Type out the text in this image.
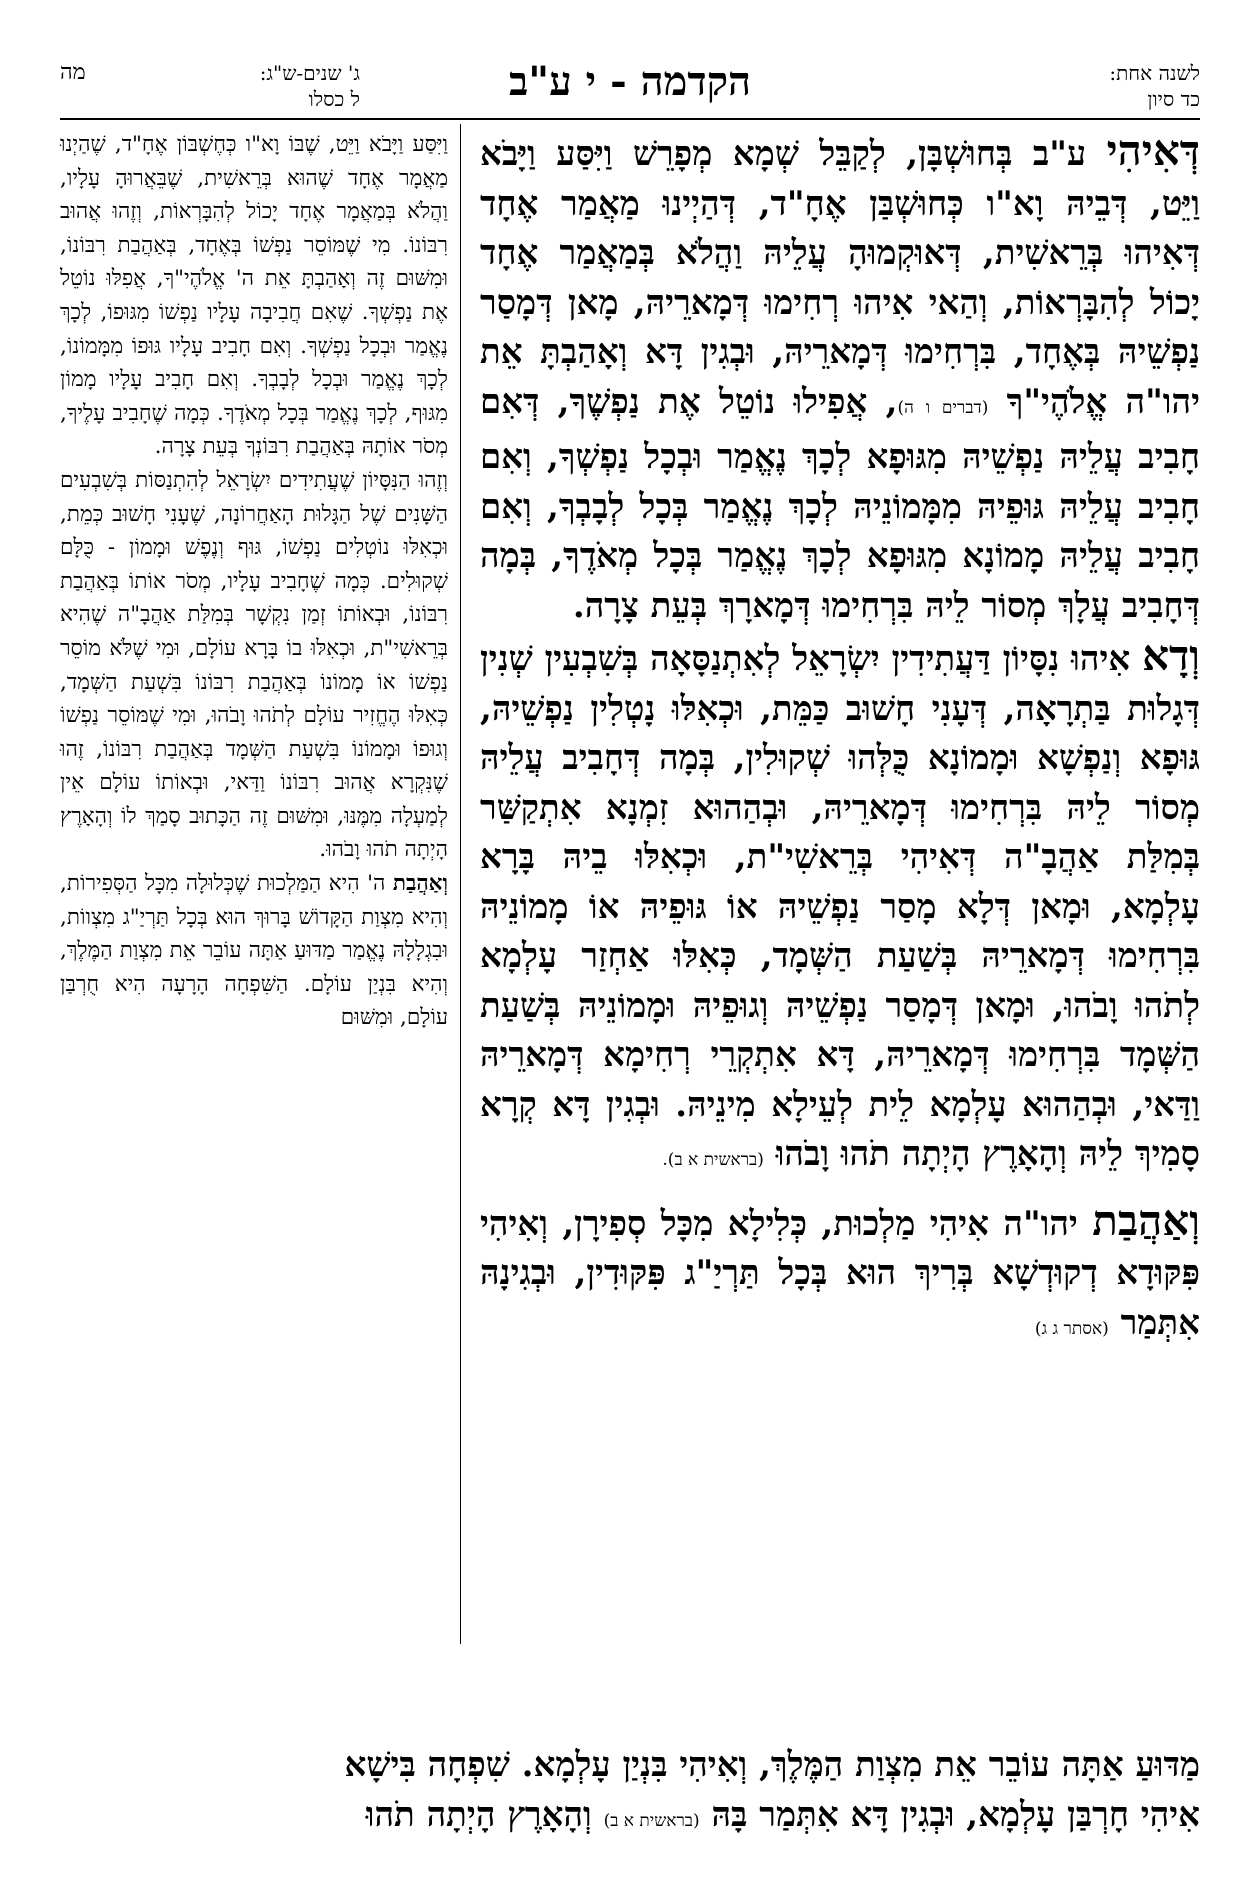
לשנה אחת:
כד סיון
הקדמה - י ע"ב
ג' שנים-ש"ג:
מה
ל כסלו

דְּאִיהִי ע"ב בְּחוּשְׁבָּן, לְקַבֵּל שְׁמָא מְפָרֵשׁ וַיִּסַּע וַיָּבֹא וַיֵּט, דְּבֵיהּ וָא"ו כְּחוּשְׁבַּן אֶחָ"ד, דְּהַיְינוּ מַאֲמַר אֶחָד דְּאִיהוּ בְּרֵאשִׁית, דְּאוּקְמוּהָ עֲלֵיהּ וַהֲלֹא בְּמַאֲמַר אֶחָד יָכוֹל לְהִבָּרְאוֹת, וְהַאי אִיהוּ רְחִימוּ דְּמָארֵיהּ, מָאן דְּמָסַר נַפְשֵׁיהּ בְּאֶחָד, בִּרְחִימוּ דְּמָארֵיהּ, וּבְגִין דָּא וְאָהַבְתָּ אֵת יהו"ה אֱלֹהֶי"ךָ (דברים ו ה), אֲפִילוּ נוֹטֵל אֶת נַפְשֶׁךָ, דְּאִם חָבִיב עֲלֵיהּ נַפְשֵׁיהּ מִגּוּפָא לְכָךְ נֶאֱמַר וּבְכָל נַפְשְׁךָ, וְאִם חָבִיב עֲלֵיהּ גּוּפֵיהּ מִמָּמוֹנֵיהּ לְכָךְ נֶאֱמַר בְּכָל לְבָבְךָ, וְאִם חָבִיב עֲלֵיהּ מָמוֹנָא מִגּוּפָא לְכָךְ נֶאֱמַר בְּכָל מְאֹדֶךָ, בְּמָה דְּחָבִיב עֲלָךְ מְסוֹר לֵיהּ בִּרְחִימוּ דְּמָארָךְ בְּעֵת צָרָה.

וְדָא אִיהוּ נִסָּיוֹן דַּעֲתִידִין יִשְׂרָאֵל לְאִתְנַסָּאָה בְּשִׁבְעִין שְׁנִין דְּגָלוּת בַּתְרָאָה, דְּעָנִי חָשׁוּב כַּמֵּת, וּכְאִלּוּ נָטְלִין נַפְשֵׁיהּ, גּוּפָא וְנַפְשָׁא וּמָמוֹנָא כֻּלְּהוּ שְׁקוּלִין, בְּמָה דְּחָבִיב עֲלֵיהּ מְסוֹר לֵיהּ בִּרְחִימוּ דְּמָארֵיהּ, וּבְהַהוּא זִמְנָא אִתְקַשַּׁר בְּמִלַּת אַהֲבָ"ה דְּאִיהִי בְּרֵאשִׁי"ת, וּכְאִלּוּ בֵיהּ בָּרָא עָלְמָא, וּמָאן דְּלָא מָסַר נַפְשֵׁיהּ אוֹ גּוּפֵיהּ אוֹ מָמוֹנֵיהּ בִּרְחִימוּ דְּמָארֵיהּ בְּשַׁעַת הַשְּׁמָד, כְּאִלּוּ אַחְזַר עָלְמָא לְתֹהוּ וָבֹהוּ, וּמָאן דְּמָסַר נַפְשֵׁיהּ וְגוּפֵיהּ וּמָמוֹנֵיהּ בְּשַׁעַת הַשְּׁמָד בִּרְחִימוּ דְּמָארֵיהּ, דָּא אִתְקְרֵי רְחִימָא דְּמָארֵיהּ וַדַּאי, וּבְהַהוּא עָלְמָא לֵית לְעֵילָא מִינֵיהּ. וּבְגִין דָּא קְרָא סָמִיךְ לֵיהּ וְהָאָרֶץ הָיְתָה תֹהוּ וָבֹהוּ (בראשית א ב).

וְאַהֲבַת יהו"ה אִיהִי מַלְכוּת, כְּלִילָא מִכָּל סְפִירָן, וְאִיהִי פִּקּוּדָא דְקוּדְשָׁא בְּרִיךְ הוּא בְּכָל תַּרְיַ"ג פִּקּוּדִין, וּבְגִינָהּ אִתְּמַר (אסתר ג ג)

וַיִּסַּע וַיָּבֹא וַיֵּט, שֶׁבּוֹ וָא"ו כְּחֶשְׁבּוֹן אֶחָ"ד, שֶׁהַיְנוּ מַאֲמָר אֶחָד שֶׁהוּא בְּרֵאשִׁית, שֶׁבֵּאֲרוּהָ עָלָיו, וַהֲלֹא בְּמַאֲמָר אֶחָד יָכוֹל לְהִבָּרְאוֹת, וְזֶהוּ אֲהוּב רִבּוֹנוֹ. מִי שֶׁמּוֹסֵר נַפְשׁוֹ בְּאֶחָד, בְּאַהֲבַת רִבּוֹנוֹ, וּמִשּׁוּם זֶה וְאָהַבְתָּ אֵת ה' אֱלֹהֶי"ךָ, אֲפִלּוּ נוֹטֵל אֶת נַפְשְׁךָ. שֶׁאִם חֲבִיבָה עָלָיו נַפְשׁוֹ מִגּוּפוֹ, לְכָךְ נֶאֱמַר וּבְכָל נַפְשְׁךָ. וְאִם חָבִיב עָלָיו גּוּפוֹ מִמָּמוֹנוֹ, לְכָךְ נֶאֱמַר וּבְכָל לְבָבְךָ. וְאִם חָבִיב עָלָיו מָמוֹן מִגּוּף, לְכָךְ נֶאֱמַר בְּכָל מְאֹדֶךָ. כְּמָה שֶׁחָבִיב עָלֶיךָ, מְסֹר אוֹתָהּ בְּאַהֲבַת רִבּוֹנְךָ בְּעֵת צָרָה.

וְזֶהוּ הַנִּסָּיוֹן שֶׁעֲתִידִים יִשְׂרָאֵל לְהִתְנַסּוֹת בְּשִׁבְעִים הַשָּׁנִים שֶׁל הַגָּלוּת הָאַחֲרוֹנָה, שֶׁעָנִי חָשׁוּב כְּמֵת, וּכְאִלּוּ נוֹטְלִים נַפְשׁוֹ, גּוּף וְנֶפֶשׁ וּמָמוֹן - כֻּלָּם שְׁקוּלִים. כְּמָה שֶׁחָבִיב עָלָיו, מְסֹר אוֹתוֹ בְּאַהֲבַת רִבּוֹנוֹ, וּבְאוֹתוֹ זְמַן נִקְשָׁר בְּמִלַּת אַהֲבָ"ה שֶׁהִיא בְּרֵאשִׁי"ת, וּכְאִלּוּ בוֹ בָּרָא עוֹלָם, וּמִי שֶׁלֹּא מוֹסֵר נַפְשׁוֹ אוֹ מָמוֹנוֹ בְּאַהֲבַת רִבּוֹנוֹ בִּשְׁעַת הַשְּׁמָד, כְּאִלּוּ הֶחֱזִיר עוֹלָם לְתֹהוּ וָבֹהוּ, וּמִי שֶׁמּוֹסֵר נַפְשׁוֹ וְגוּפוֹ וּמָמוֹנוֹ בִּשְׁעַת הַשְּׁמָד בְּאַהֲבַת רִבּוֹנוֹ, זֶהוּ שֶׁנִּקְרָא אֲהוּב רִבּוֹנוֹ וַדַּאי, וּבְאוֹתוֹ עוֹלָם אֵין לְמַעְלָה מִמֶּנּוּ, וּמִשּׁוּם זֶה הַכָּתוּב סָמַךְ לוֹ וְהָאָרֶץ הָיְתָה תֹהוּ וָבֹהוּ.

וְאַהֲבַת ה' הִיא הַמַּלְכוּת שֶׁכְּלוּלָה מִכָּל הַסְּפִירוֹת, וְהִיא מִצְוַת הַקָּדוֹשׁ בָּרוּךְ הוּא בְּכָל תַּרְיַ"ג מִצְווֹת, וּבִגְלָלָהּ נֶאֱמַר מַדּוּעַ אַתָּה עוֹבֵר אֵת מִצְוַת הַמֶּלֶךְ, וְהִיא בִּנְיַן עוֹלָם. הַשִּׁפְחָה הָרָעָה הִיא חֻרְבַּן עוֹלָם, וּמִשּׁוּם

מַדּוּעַ אַתָּה עוֹבֵר אֵת מִצְוַת הַמֶּלֶךְ, וְאִיהִי בִּנְיַן עָלְמָא. שִׁפְחָה בִּישָׁא

אִיהִי חָרְבַּן עָלְמָא, וּבְגִין דָּא אִתְּמַר בָּהּ (בראשית א ב) וְהָאָרֶץ הָיְתָה תֹהוּ
